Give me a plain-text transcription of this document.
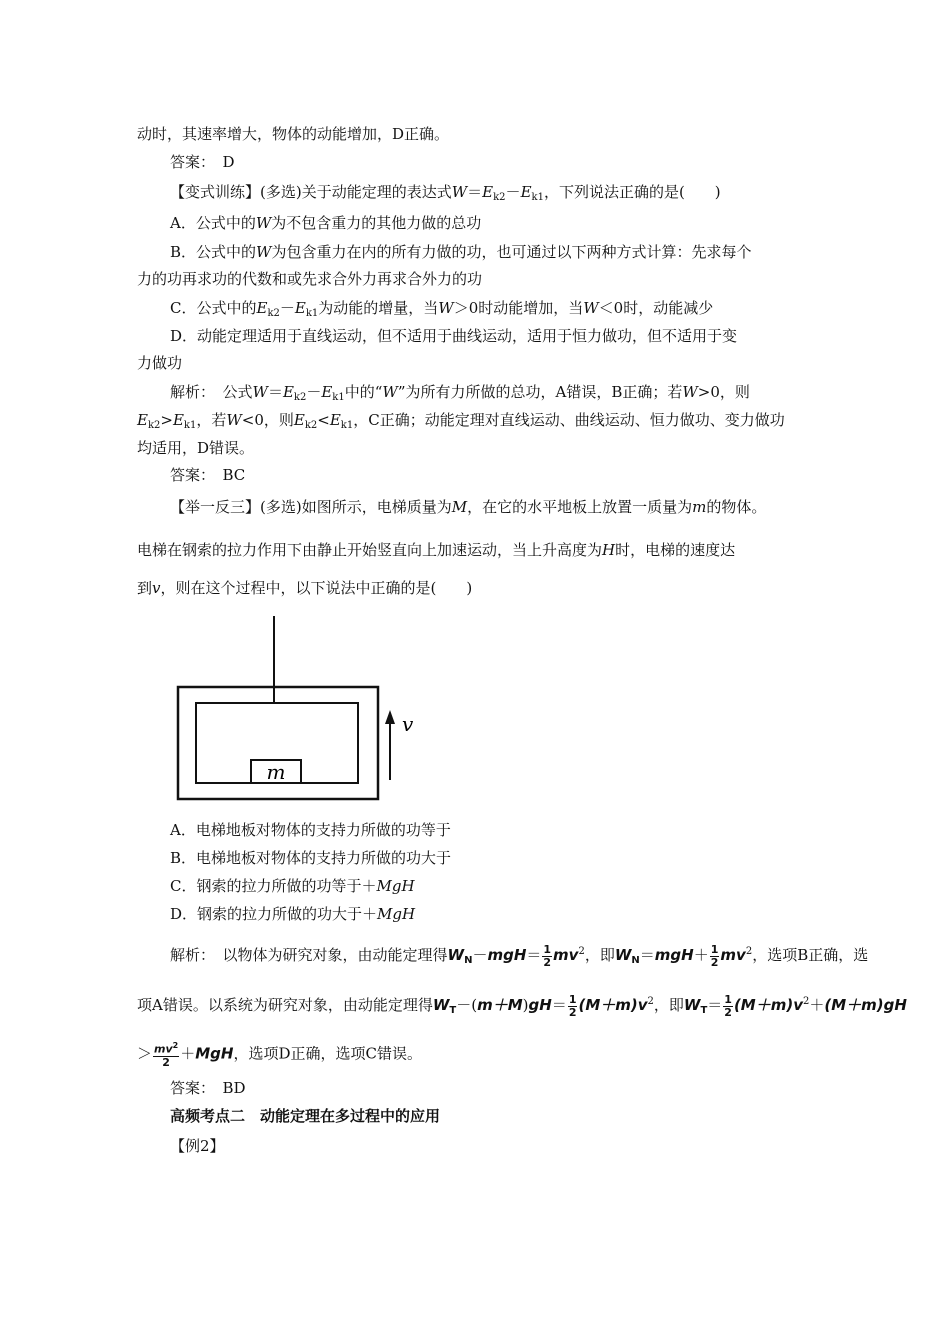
动时，其速率增大，物体的动能增加，D正确。
答案：　D
【变式训练】(多选)关于动能定理的表达式$W=E_{k2}-E_{k1}$，下列说法正确的是(　　)
A．公式中的W为不包含重力的其他力做的总功
B．公式中的W为包含重力在内的所有力做的功，也可通过以下两种方式计算：先求每个
力的功再求功的代数和或先求合外力再求合外力的功
C．公式中的$E_{k2}-E_{k1}$为动能的增量，当W＞0时动能增加，当W＜0时，动能减少
D．动能定理适用于直线运动，但不适用于曲线运动，适用于恒力做功，但不适用于变
力做功
解析：　公式$W=E_{k2}-E_{k1}$中的“W”为所有力所做的总功，A错误，B正确；若W>0，则
$E_{k2}>E_{k1}$，若W<0，则$E_{k2}<E_{k1}$，C正确；动能定理对直线运动、曲线运动、恒力做功、变力做功
均适用，D错误。
答案：　BC
【举一反三】(多选)如图所示，电梯质量为M，在它的水平地板上放置一质量为m的物体。
电梯在钢索的拉力作用下由静止开始竖直向上加速运动，当上升高度为H时，电梯的速度达
到v，则在这个过程中，以下说法中正确的是(　　)
m
v
A．电梯地板对物体的支持力所做的功等于
B．电梯地板对物体的支持力所做的功大于
C．钢索的拉力所做的功等于＋MgH
D．钢索的拉力所做的功大于＋MgH
解析：　以物体为研究对象，由动能定理得$W_N-mgH= \frac{1}{2} mv^2$，即$W_N=mgH+ \frac{1}{2} mv^2$，选项B正确，选
项A错误。以系统为研究对象，由动能定理得$W_T-(m+M)gH= \frac{1}{2} (M+m)v^2$，即$W_T= \frac{1}{2} (M+m)v^2+(M+m)gH$
＞ $\frac{mv^2}{2} +MgH$，选项D正确，选项C错误。
答案：　BD
高频考点二　动能定理在多过程中的应用
【例2】
